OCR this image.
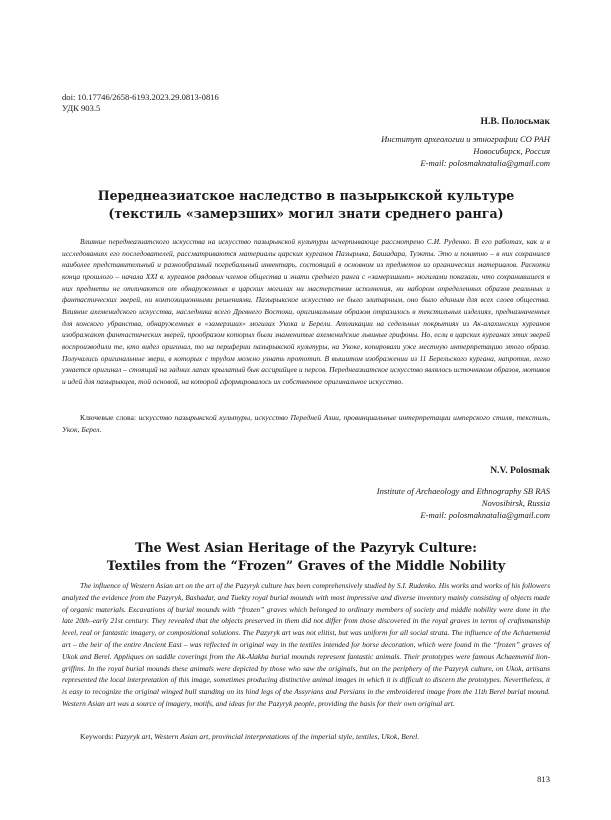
doi: 10.17746/2658-6193.2023.29.0813-0816
УДК 903.5
Н.В. Полосьмак
Институт археологии и этнографии СО РАН
Новосибирск, Россия
E-mail: polosmaknatalia@gmail.com
Переднеазиатское наследство в пазырыкской культуре
(текстиль «замерзших» могил знати среднего ранга)
Влияние переднеазиатского искусства на искусство пазырыкской культуры исчерпывающе рассмотрено С.И. Руденко. В его работах, как и в исследованиях его последователей, рассматриваются материалы царских курганов Пазырыка, Башадара, Туэкты. Это и понятно – в них сохранился наиболее представительный и разнообразный погребальный инвентарь, состоящий в основном из предметов из органических материалов. Раскопки конца прошлого – начала XXI в. курганов рядовых членов общества и знати среднего ранга с «замерзшими» могилами показали, что сохранившиеся в них предметы не отличаются от обнаруженных в царских могилах ни мастерством исполнения, ни набором определенных образов реальных и фантастических зверей, ни композиционными решениями. Пазырыкское искусство не было элитарным, оно было единым для всех слоев общества. Влияние ахеменидского искусства, наследника всего Древнего Востока, оригинальным образом отразилось в текстильных изделиях, предназначенных для конского убранства, обнаруженных в «замерзших» могилах Укока и Берели. Аппликации на седельных покрытиях из Ак-алахинских курганов изображают фантастических зверей, прообразом которых были знаменитые ахеменидские львиные грифоны. Но, если в царских курганах этих зверей воспроизводили те, кто видел оригинал, то на периферии пазырыкской культуры, на Укоке, копировали уже местную интерпретацию этого образа. Получались оригинальные звери, в которых с трудом можно узнать прототип. В вышитом изображении из 11 Берельского кургана, напротив, легко узнается оригинал – стоящий на задних лапах крылатый бык ассирийцев и персов. Переднеазиатское искусство являлось источником образов, мотивов и идей для пазырыкцев, той основой, на которой сформировалось их собственное оригинальное искусство.
Ключевые слова: искусство пазырыкской культуры, искусство Передней Азии, провинциальные интерпретации имперского стиля, текстиль, Укок, Берел.
N.V. Polosmak
Institute of Archaeology and Ethnography SB RAS
Novosibirsk, Russia
E-mail: polosmaknatalia@gmail.com
The West Asian Heritage of the Pazyryk Culture:
Textiles from the “Frozen” Graves of the Middle Nobility
The influence of Western Asian art on the art of the Pazyryk culture has been comprehensively studied by S.I. Rudenko. His works and works of his followers analyzed the evidence from the Pazyryk, Bashadar, and Tuekty royal burial mounds with most impressive and diverse inventory mainly consisting of objects made of organic materials. Excavations of burial mounds with “frozen” graves which belonged to ordinary members of society and middle nobility were done in the late 20th–early 21st century. They revealed that the objects preserved in them did not differ from those discovered in the royal graves in terms of craftsmanship level, real or fantastic imagery, or compositional solutions. The Pazyryk art was not elitist, but was uniform for all social strata. The influence of the Achaemenid art – the heir of the entire Ancient East – was reflected in original way in the textiles intended for horse decoration, which were found in the “frozen” graves of Ukok and Berel. Appliques on saddle coverings from the Ak-Alakha burial mounds represent fantastic animals. Their prototypes were famous Achaemenid lion-griffins. In the royal burial mounds these animals were depicted by those who saw the originals, but on the periphery of the Pazyryk culture, on Ukok, artisans represented the local interpretation of this image, sometimes producing distinctive animal images in which it is difficult to discern the prototypes. Nevertheless, it is easy to recognize the original winged bull standing on its hind legs of the Assyrians and Persians in the embroidered image from the 11th Berel burial mound. Western Asian art was a source of imagery, motifs, and ideas for the Pazyryk people, providing the basis for their own original art.
Keywords: Pazyryk art, Western Asian art, provincial interpretations of the imperial style, textiles, Ukok, Berel.
813
